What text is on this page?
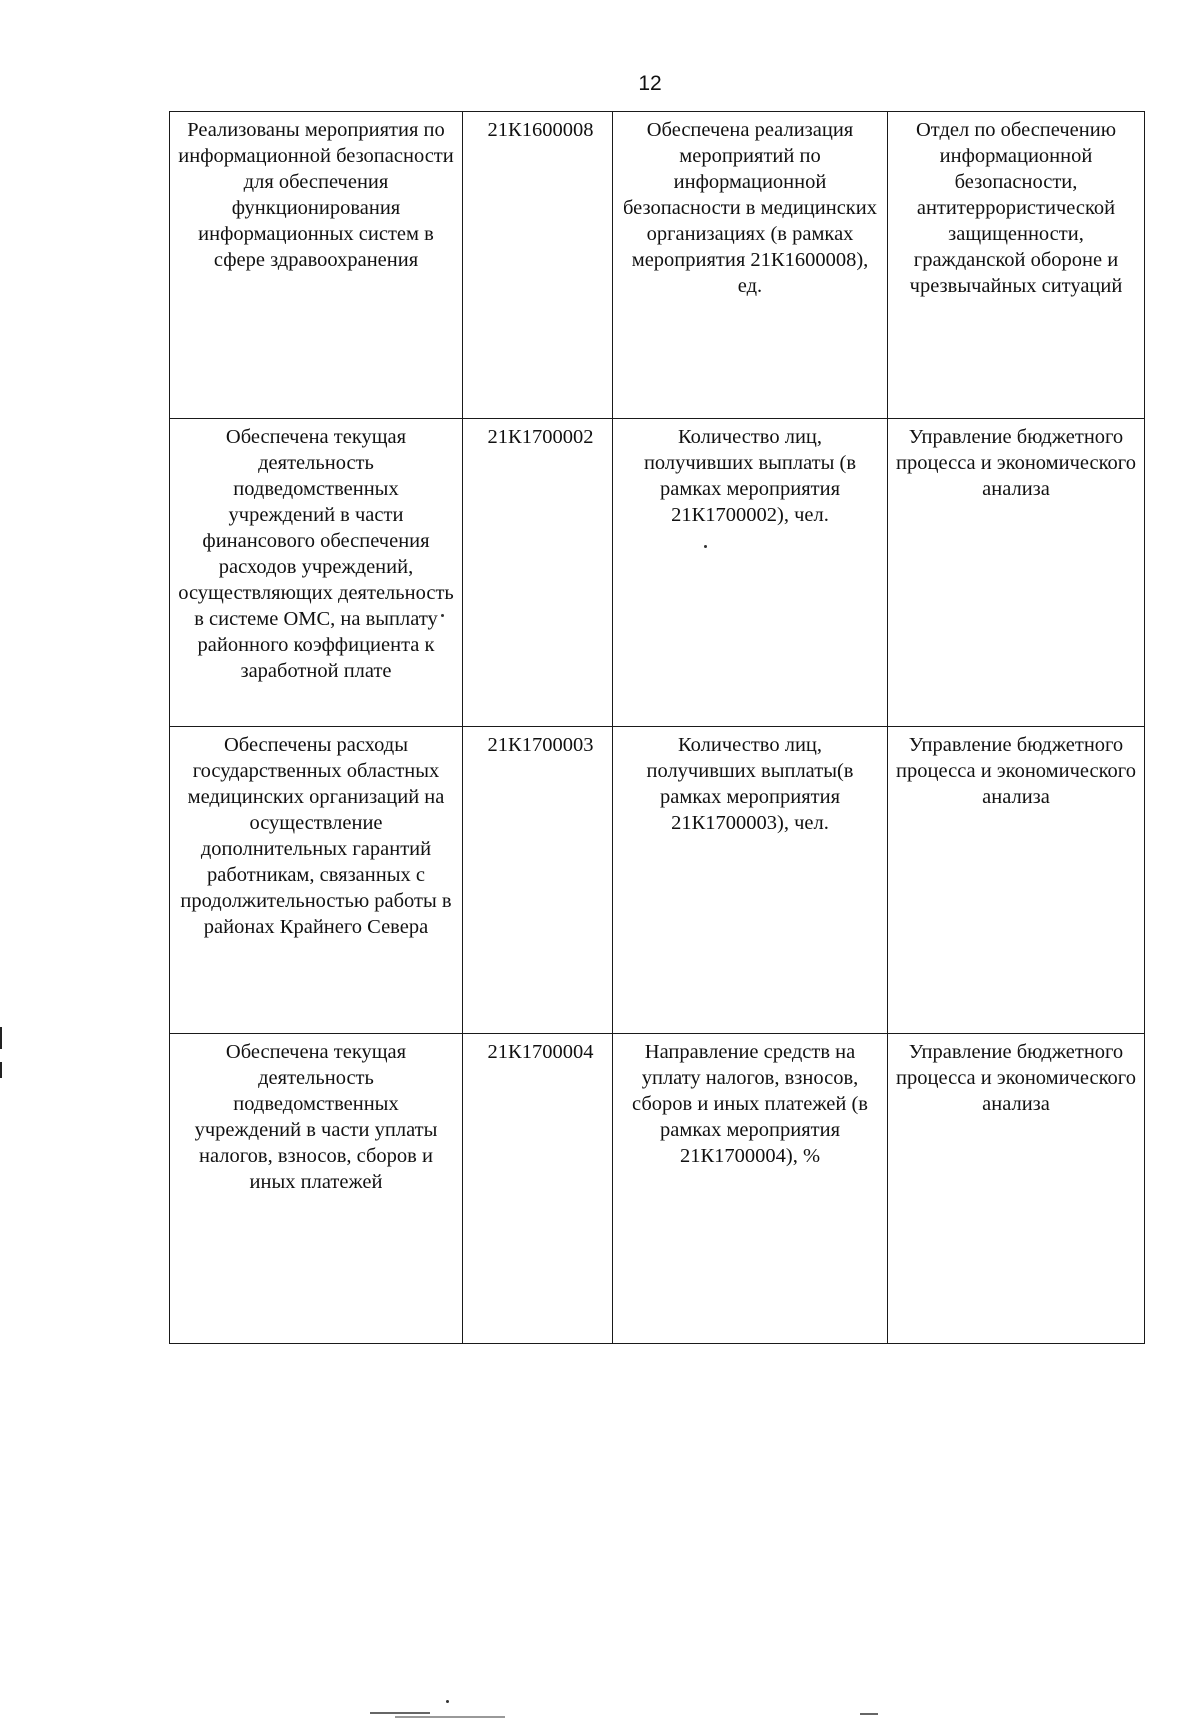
12
Реализованы мероприятия по информационной безопасности для обеспечения функционирования информационных систем в сфере здравоохранения	21К1600008	Обеспечена реализация мероприятий по информационной безопасности в медицинских организациях (в рамках мероприятия 21К1600008), ед.	Отдел по обеспечению информационной безопасности, антитеррористической защищенности, гражданской обороне и чрезвычайных ситуаций

Обеспечена текущая деятельность подведомственных учреждений в части финансового обеспечения расходов учреждений, осуществляющих деятельность в системе ОМС, на выплату районного коэффициента к заработной плате	21К1700002	Количество лиц, получивших выплаты (в рамках мероприятия 21К1700002), чел.	Управление бюджетного процесса и экономического анализа

Обеспечены расходы государственных областных медицинских организаций на осуществление дополнительных гарантий работникам, связанных с продолжительностью работы в районах Крайнего Севера	21К1700003	Количество лиц, получивших выплаты(в рамках мероприятия 21К1700003), чел.	Управление бюджетного процесса и экономического анализа

Обеспечена текущая деятельность подведомственных учреждений в части уплаты налогов, взносов, сборов и иных платежей	21К1700004	Направление средств на уплату налогов, взносов, сборов и иных платежей (в рамках мероприятия 21К1700004), %	Управление бюджетного процесса и экономического анализа
